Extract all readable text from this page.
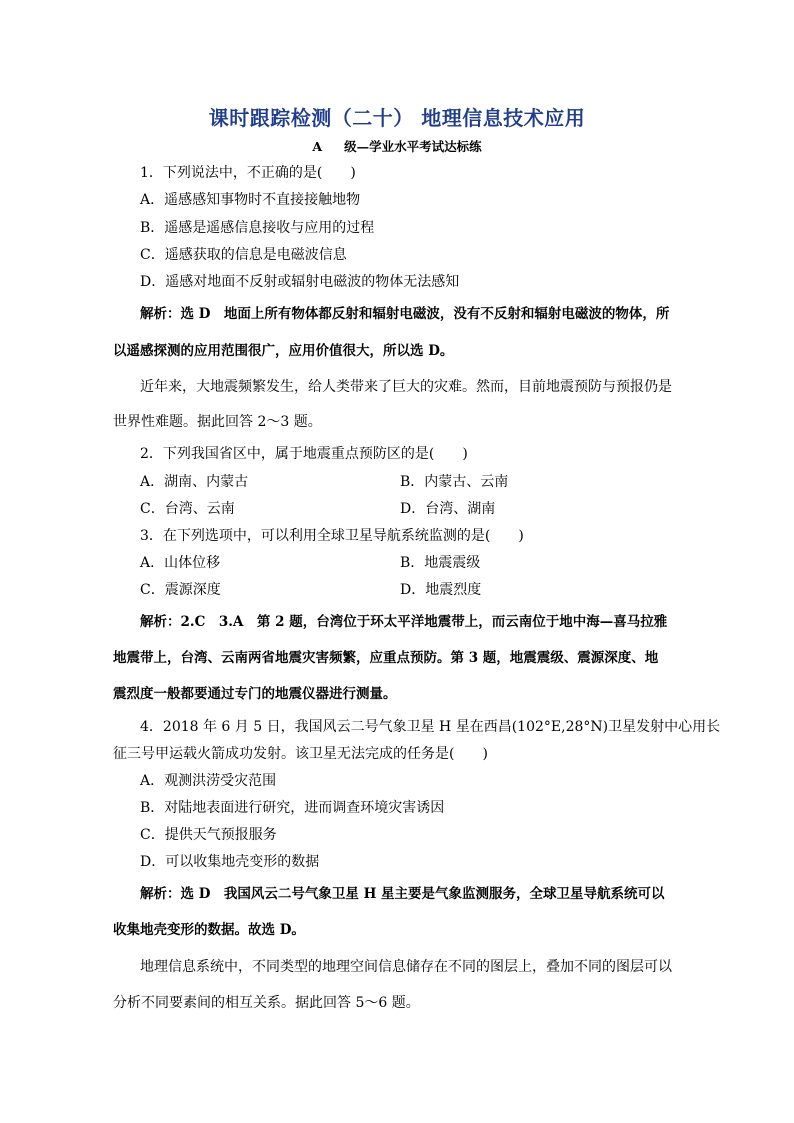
课时跟踪检测（二十） 地理信息技术应用
A 级—学业水平考试达标练
1．下列说法中，不正确的是(　　)
A．遥感感知事物时不直接接触地物
B．遥感是遥感信息接收与应用的过程
C．遥感获取的信息是电磁波信息
D．遥感对地面不反射或辐射电磁波的物体无法感知
解析：选 D　地面上所有物体都反射和辐射电磁波，没有不反射和辐射电磁波的物体，所
以遥感探测的应用范围很广，应用价值很大，所以选 D。
近年来，大地震频繁发生，给人类带来了巨大的灾难。然而，目前地震预防与预报仍是
世界性难题。据此回答 2～3 题。
2．下列我国省区中，属于地震重点预防区的是(　　)
A．湖南、内蒙古	B．内蒙古、云南
C．台湾、云南	D．台湾、湖南
3．在下列选项中，可以利用全球卫星导航系统监测的是(　　)
A．山体位移	B．地震震级
C．震源深度	D．地震烈度
解析：2.C　3.A　第 2 题，台湾位于环太平洋地震带上，而云南位于地中海—喜马拉雅
地震带上，台湾、云南两省地震灾害频繁，应重点预防。第 3 题，地震震级、震源深度、地
震烈度一般都要通过专门的地震仪器进行测量。
4．2018 年 6 月 5 日，我国风云二号气象卫星 H 星在西昌(102°E,28°N)卫星发射中心用长
征三号甲运载火箭成功发射。该卫星无法完成的任务是(　　)
A．观测洪涝受灾范围
B．对陆地表面进行研究，进而调查环境灾害诱因
C．提供天气预报服务
D．可以收集地壳变形的数据
解析：选 D　我国风云二号气象卫星 H 星主要是气象监测服务，全球卫星导航系统可以
收集地壳变形的数据。故选 D。
地理信息系统中，不同类型的地理空间信息储存在不同的图层上，叠加不同的图层可以
分析不同要素间的相互关系。据此回答 5～6 题。
